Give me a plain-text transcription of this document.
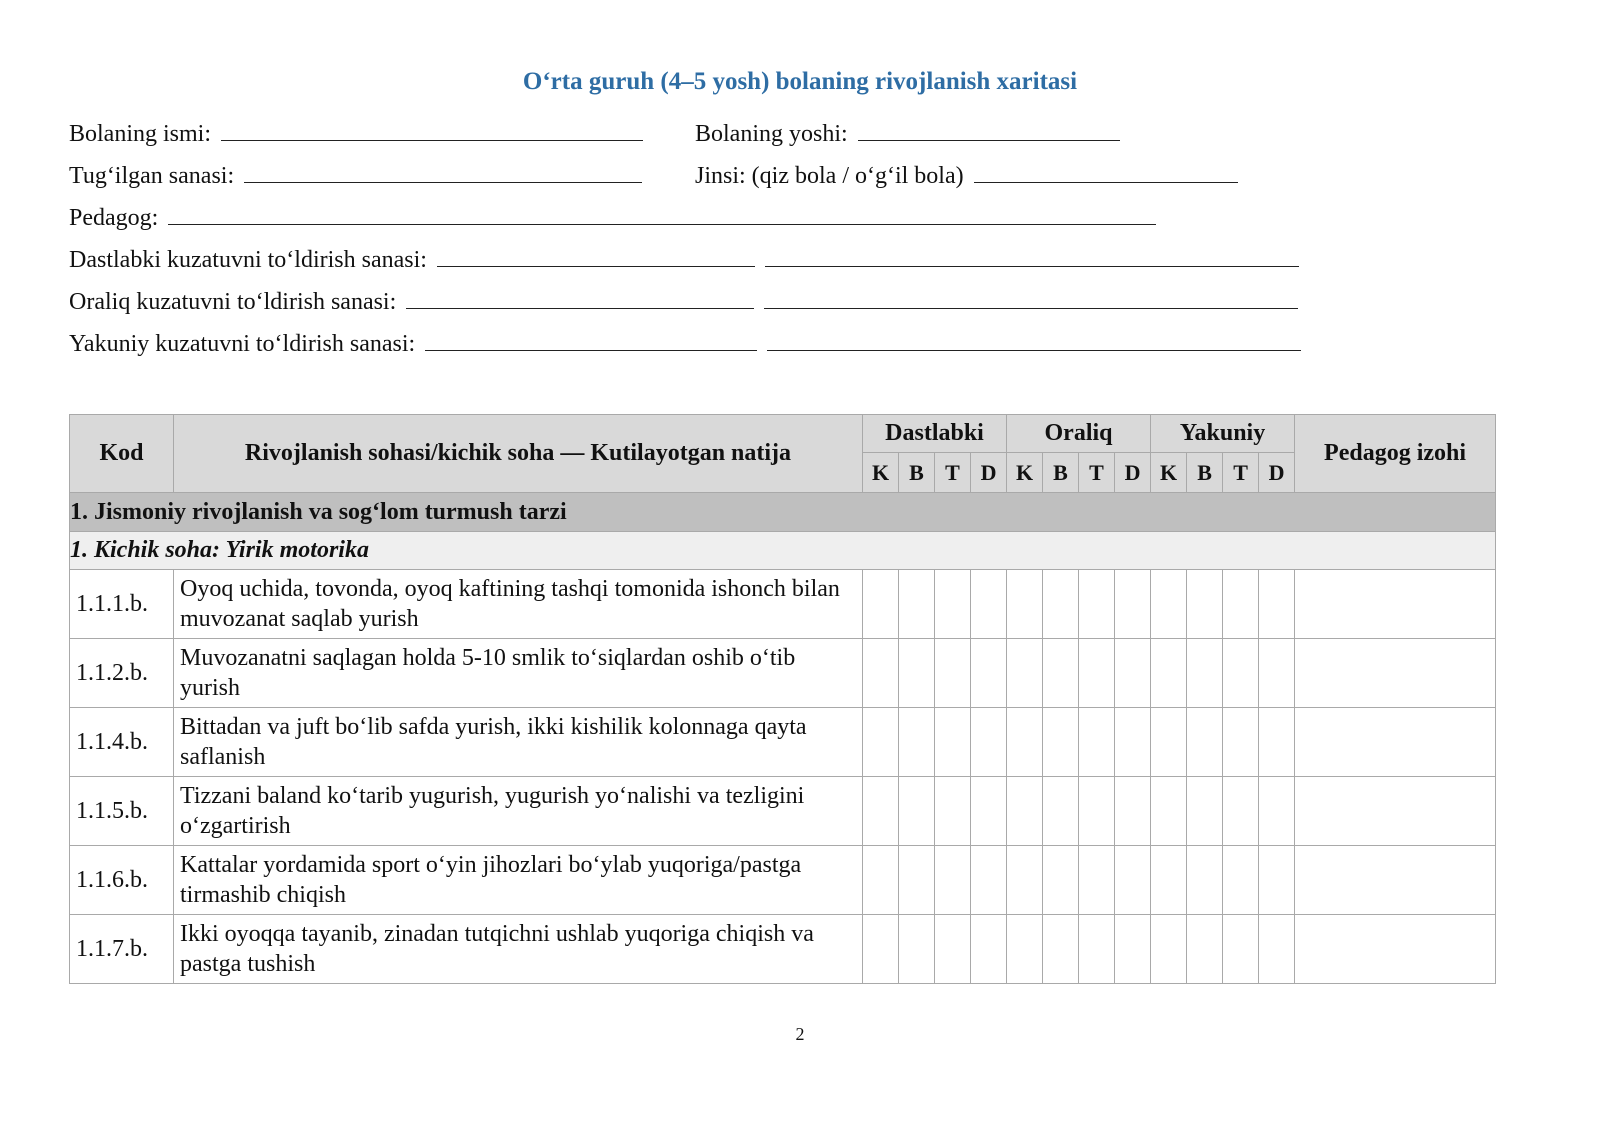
O‘rta guruh (4–5 yosh) bolaning rivojlanish xaritasi
Bolaning ismi:	Bolaning yoshi:
Tug‘ilgan sanasi:	Jinsi: (qiz bola / o‘g‘il bola)
Pedagog:
Dastlabki kuzatuvni to‘ldirish sanasi:
Oraliq kuzatuvni to‘ldirish sanasi:
Yakuniy kuzatuvni to‘ldirish sanasi:
Kod	Rivojlanish sohasi/kichik soha — Kutilayotgan natija	Dastlabki				Oraliq				Yakuniy				Pedagog izohi
		K	B	T	D	K	B	T	D	K	B	T	D	
1. Jismoniy rivojlanish va sog‘lom turmush tarzi														
1. Kichik soha: Yirik motorika														
1.1.1.b.	Oyoq uchida, tovonda, oyoq kaftining tashqi tomonida ishonch bilan muvozanat saqlab yurish													
1.1.2.b.	Muvozanatni saqlagan holda 5-10 smlik to‘siqlardan oshib o‘tib yurish													
1.1.4.b.	Bittadan va juft bo‘lib safda yurish, ikki kishilik kolonnaga qayta saflanish													
1.1.5.b.	Tizzani baland ko‘tarib yugurish, yugurish yo‘nalishi va tezligini o‘zgartirish													
1.1.6.b.	Kattalar yordamida sport o‘yin jihozlari bo‘ylab yuqoriga/pastga tirmashib chiqish													
1.1.7.b.	Ikki oyoqqa tayanib, zinadan tutqichni ushlab yuqoriga chiqish va pastga tushish													
2
